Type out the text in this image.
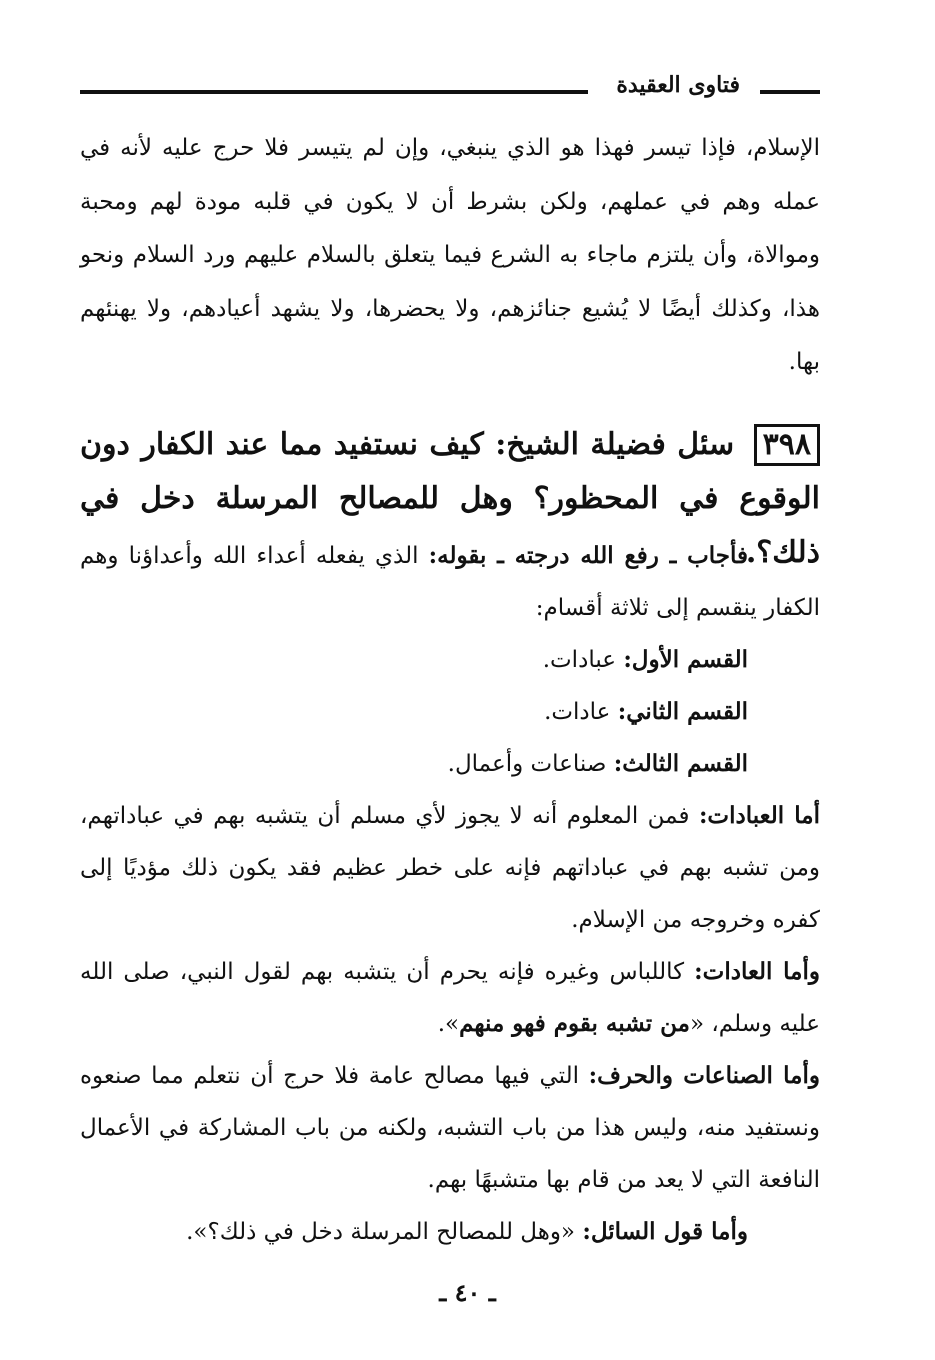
فتاوى العقيدة
الإسلام، فإذا تيسر فهذا هو الذي ينبغي، وإن لم يتيسر فلا حرج عليه لأنه في عمله وهم في عملهم، ولكن بشرط أن لا يكون في قلبه مودة لهم ومحبة وموالاة، وأن يلتزم ماجاء به الشرع فيما يتعلق بالسلام عليهم ورد السلام ونحو هذا، وكذلك أيضًا لا يُشيع جنائزهم، ولا يحضرها، ولا يشهد أعيادهم، ولا يهنئهم بها.
٣٩٨ سئل فضيلة الشيخ: كيف نستفيد مما عند الكفار دون الوقوع في المحظور؟ وهل للمصالح المرسلة دخل في ذلك؟.

فأجاب ـ رفع الله درجته ـ بقوله: الذي يفعله أعداء الله وأعداؤنا وهم الكفار ينقسم إلى ثلاثة أقسام:

القسم الأول: عبادات.

القسم الثاني: عادات.

القسم الثالث: صناعات وأعمال.

أما العبادات: فمن المعلوم أنه لا يجوز لأي مسلم أن يتشبه بهم في عباداتهم، ومن تشبه بهم في عباداتهم فإنه على خطر عظيم فقد يكون ذلك مؤديًا إلى كفره وخروجه من الإسلام.

وأما العادات: كاللباس وغيره فإنه يحرم أن يتشبه بهم لقول النبي، صلى الله عليه وسلم، «من تشبه بقوم فهو منهم».

وأما الصناعات والحرف: التي فيها مصالح عامة فلا حرج أن نتعلم مما صنعوه ونستفيد منه، وليس هذا من باب التشبه، ولكنه من باب المشاركة في الأعمال النافعة التي لا يعد من قام بها متشبهًا بهم.

وأما قول السائل: «وهل للمصالح المرسلة دخل في ذلك؟».

ـ ٤٠ ـ
